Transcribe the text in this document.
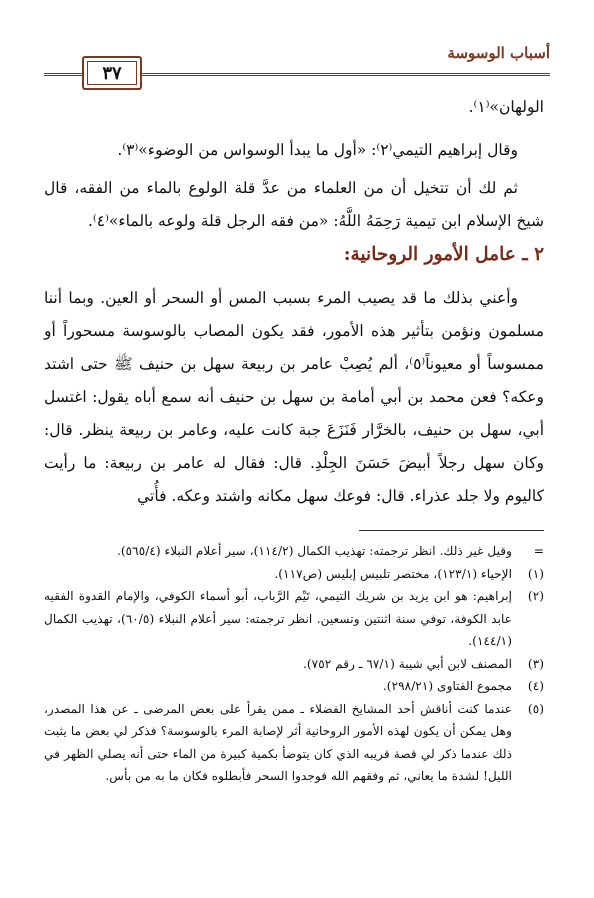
أسباب الوسوسة
٣٧

الولهان»⁽١⁾.

وقال إبراهيم التيمي⁽٢⁾: «أول ما يبدأ الوسواس من الوضوء»⁽٣⁾.

ثم لك أن تتخيل أن من العلماء من عدَّ قلة الولوع بالماء من الفقه، قال شيخ الإسلام ابن تيمية رَحِمَهُ اللَّهُ: «من فقه الرجل قلة ولوعه بالماء»⁽٤⁾.

٢ ـ عامل الأمور الروحانية:

وأعني بذلك ما قد يصيب المرء بسبب المس أو السحر أو العين. وبما أننا مسلمون ونؤمن بتأثير هذه الأمور، فقد يكون المصاب بالوسوسة مسحوراً أو ممسوساً أو معيوناً⁽٥⁾، ألم يُصِبْ عامر بن ربيعة سهل بن حنيف ﷺ حتى اشتد وعكه؟ فعن محمد بن أبي أمامة بن سهل بن حنيف أنه سمع أباه يقول: اغتسل أبي، سهل بن حنيف، بالخرَّار فَنَزَعَ جبة كانت عليه، وعامر بن ربيعة ينظر. قال: وكان سهل رجلاً أبيضَ حَسَنَ الجِلْدِ. قال: فقال له عامر بن ربيعة: ما رأيت كاليوم ولا جلد عذراء. قال: فوعك سهل مكانه واشتد وعكه. فأُتي

=
وقيل غير ذلك. انظر ترجمته: تهذيب الكمال (١١٤/٢)، سير أعلام النبلاء (٥٦٥/٤).
(١)
الإحياء (١٢٣/١)، مختصر تلبيس إبليس (ص١١٧).
(٢)
إبراهيم: هو ابن يزيد بن شريك التيمي، تَيْم الرَّباب، أبو أسماء الكوفي، والإمام القدوة الفقيه عابد الكوفة، توفي سنة اثنتين وتسعين. انظر ترجمته: سير أعلام النبلاء (٦٠/٥)، تهذيب الكمال (١٤٤/١).
(٣)
المصنف لابن أبي شيبة (٦٧/١ ـ رقم ٧٥٢).
(٤)
مجموع الفتاوى (٢٩٨/٢١).
(٥)
عندما كنت أناقش أحد المشايخ الفضلاء ـ ممن يقرأ على بعض المرضى ـ عن هذا المصدر، وهل يمكن أن يكون لهذه الأمور الروحانية أثر لإصابة المرء بالوسوسة؟ فذكر لي بعض ما يثبت ذلك عندما ذكر لي قصة قريبه الذي كان يتوضأ بكمية كبيرة من الماء حتى أنه يصلي الظهر في الليل! لشدة ما يعاني، ثم وفقهم الله فوجدوا السحر فأبطلوه فكان ما به من بأس.
